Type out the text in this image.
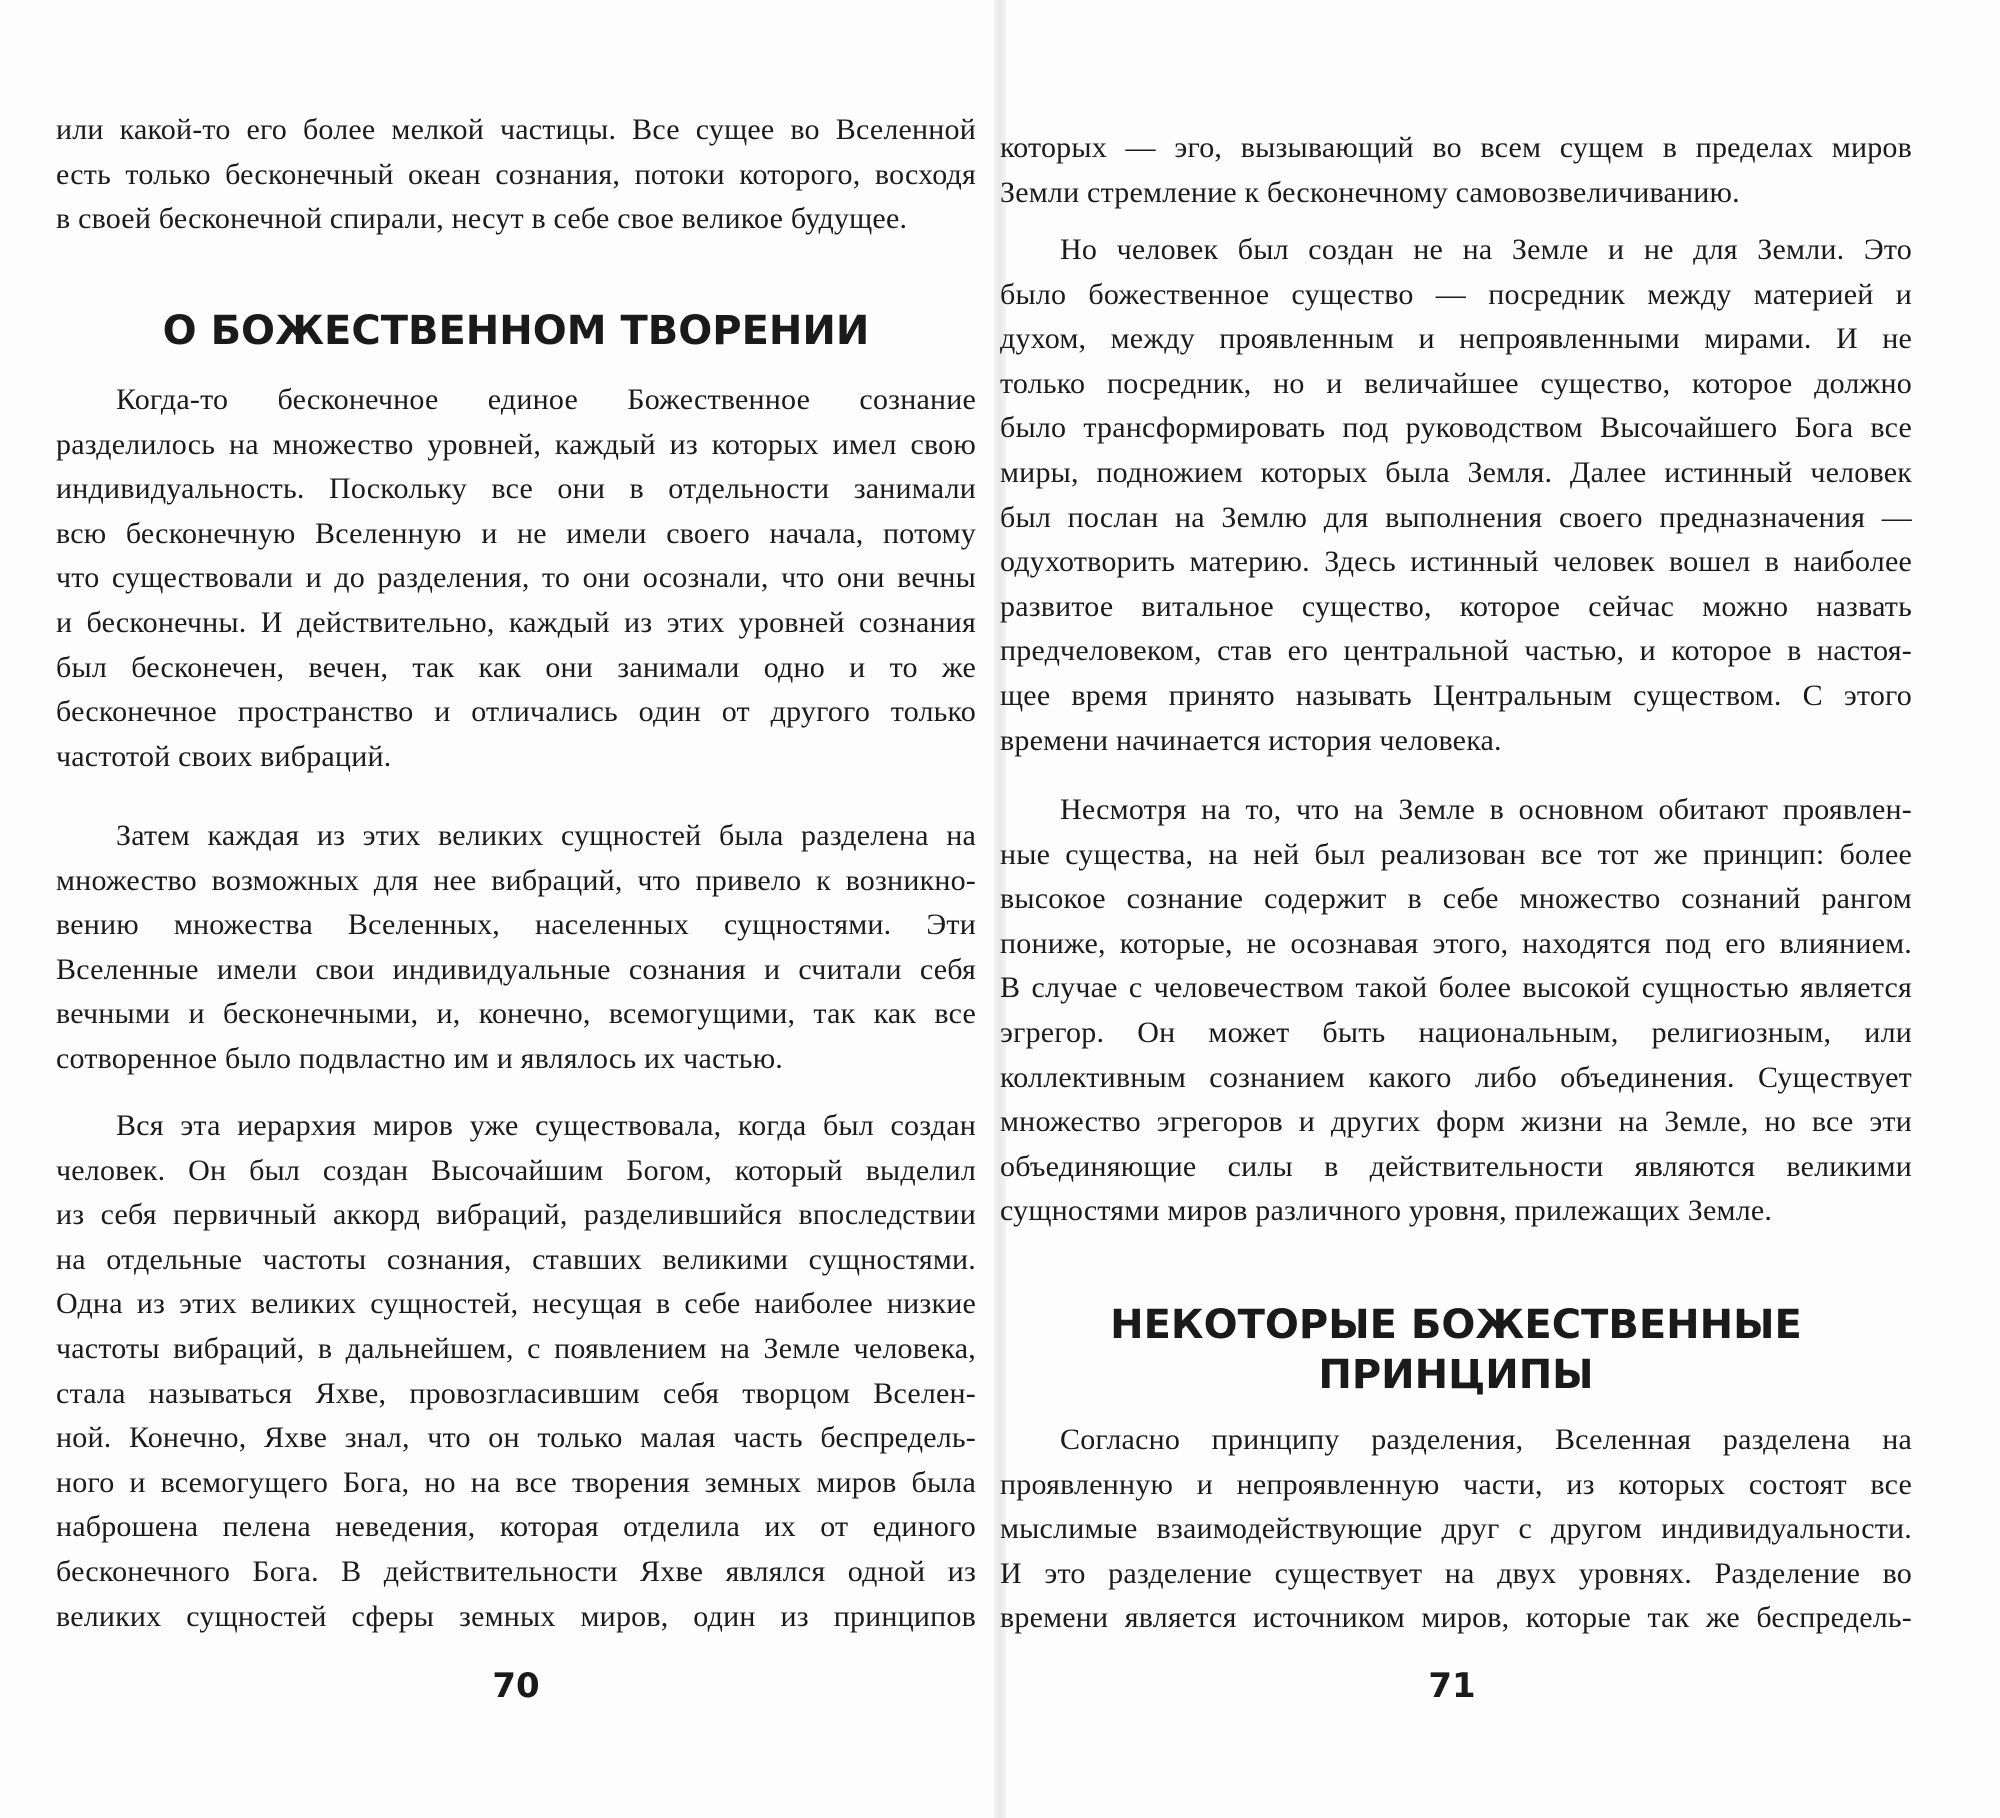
или какой-то его более мелкой частицы. Все сущее во Вселенной

есть только бесконечный океан сознания, потоки которого, восходя

в своей бесконечной спирали, несут в себе свое великое будущее.

О БОЖЕСТВЕННОМ ТВОРЕНИИ

Когда-то бесконечное единое Божественное сознание

разделилось на множество уровней, каждый из которых имел свою

индивидуальность. Поскольку все они в отдельности занимали

всю бесконечную Вселенную и не имели своего начала, потому

что существовали и до разделения, то они осознали, что они вечны

и бесконечны. И действительно, каждый из этих уровней сознания

был бесконечен, вечен, так как они занимали одно и то же

бесконечное пространство и отличались один от другого только

частотой своих вибраций.

Затем каждая из этих великих сущностей была разделена на

множество возможных для нее вибраций, что привело к возникно-

вению множества Вселенных, населенных сущностями. Эти

Вселенные имели свои индивидуальные сознания и считали себя

вечными и бесконечными, и, конечно, всемогущими, так как все

сотворенное было подвластно им и являлось их частью.

Вся эта иерархия миров уже существовала, когда был создан

человек. Он был создан Высочайшим Богом, который выделил

из себя первичный аккорд вибраций, разделившийся впоследствии

на отдельные частоты сознания, ставших великими сущностями.

Одна из этих великих сущностей, несущая в себе наиболее низкие

частоты вибраций, в дальнейшем, с появлением на Земле человека,

стала называться Яхве, провозгласившим себя творцом Вселен-

ной. Конечно, Яхве знал, что он только малая часть беспредель-

ного и всемогущего Бога, но на все творения земных миров была

наброшена пелена неведения, которая отделила их от единого

бесконечного Бога. В действительности Яхве являлся одной из

великих сущностей сферы земных миров, один из принципов

70

которых — эго, вызывающий во всем сущем в пределах миров

Земли стремление к бесконечному самовозвеличиванию.

Но человек был создан не на Земле и не для Земли. Это

было божественное существо — посредник между материей и

духом, между проявленным и непроявленными мирами. И не

только посредник, но и величайшее существо, которое должно

было трансформировать под руководством Высочайшего Бога все

миры, подножием которых была Земля. Далее истинный человек

был послан на Землю для выполнения своего предназначения —

одухотворить материю. Здесь истинный человек вошел в наиболее

развитое витальное существо, которое сейчас можно назвать

предчеловеком, став его центральной частью, и которое в настоя-

щее время принято называть Центральным существом. С этого

времени начинается история человека.

Несмотря на то, что на Земле в основном обитают проявлен-

ные существа, на ней был реализован все тот же принцип: более

высокое сознание содержит в себе множество сознаний рангом

пониже, которые, не осознавая этого, находятся под его влиянием.

В случае с человечеством такой более высокой сущностью является

эгрегор. Он может быть национальным, религиозным, или

коллективным сознанием какого либо объединения. Существует

множество эгрегоров и других форм жизни на Земле, но все эти

объединяющие силы в действительности являются великими

сущностями миров различного уровня, прилежащих Земле.

НЕКОТОРЫЕ БОЖЕСТВЕННЫЕ
ПРИНЦИПЫ

Согласно принципу разделения, Вселенная разделена на

проявленную и непроявленную части, из которых состоят все

мыслимые взаимодействующие друг с другом индивидуальности.

И это разделение существует на двух уровнях. Разделение во

времени является источником миров, которые так же беспредель-

71
